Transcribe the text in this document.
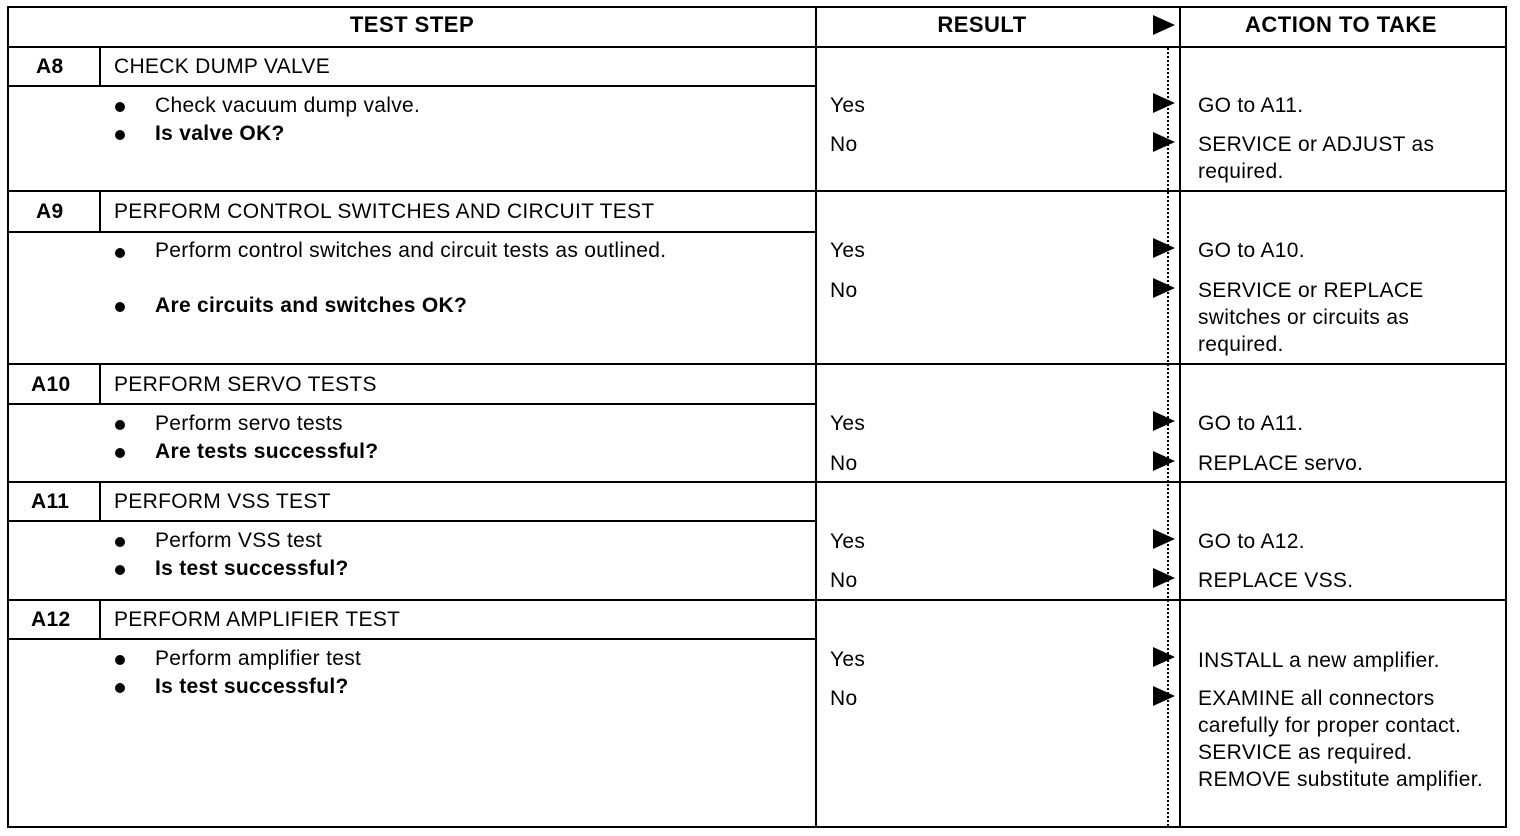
TEST STEP	RESULT	ACTION TO TAKE
A8 CHECK DUMP VALVE
Check vacuum dump valve.
Is valve OK?
Yes
No
GO to A11.
SERVICE or ADJUST as required.
A9 PERFORM CONTROL SWITCHES AND CIRCUIT TEST
Perform control switches and circuit tests as outlined.
Are circuits and switches OK?
Yes
No
GO to A10.
SERVICE or REPLACE switches or circuits as required.
A10 PERFORM SERVO TESTS
Perform servo tests
Are tests successful?
Yes
No
GO to A11.
REPLACE servo.
A11 PERFORM VSS TEST
Perform VSS test
Is test successful?
Yes
No
GO to A12.
REPLACE VSS.
A12 PERFORM AMPLIFIER TEST
Perform amplifier test
Is test successful?
Yes
No
INSTALL a new amplifier.
EXAMINE all connectors carefully for proper contact. SERVICE as required. REMOVE substitute amplifier.
